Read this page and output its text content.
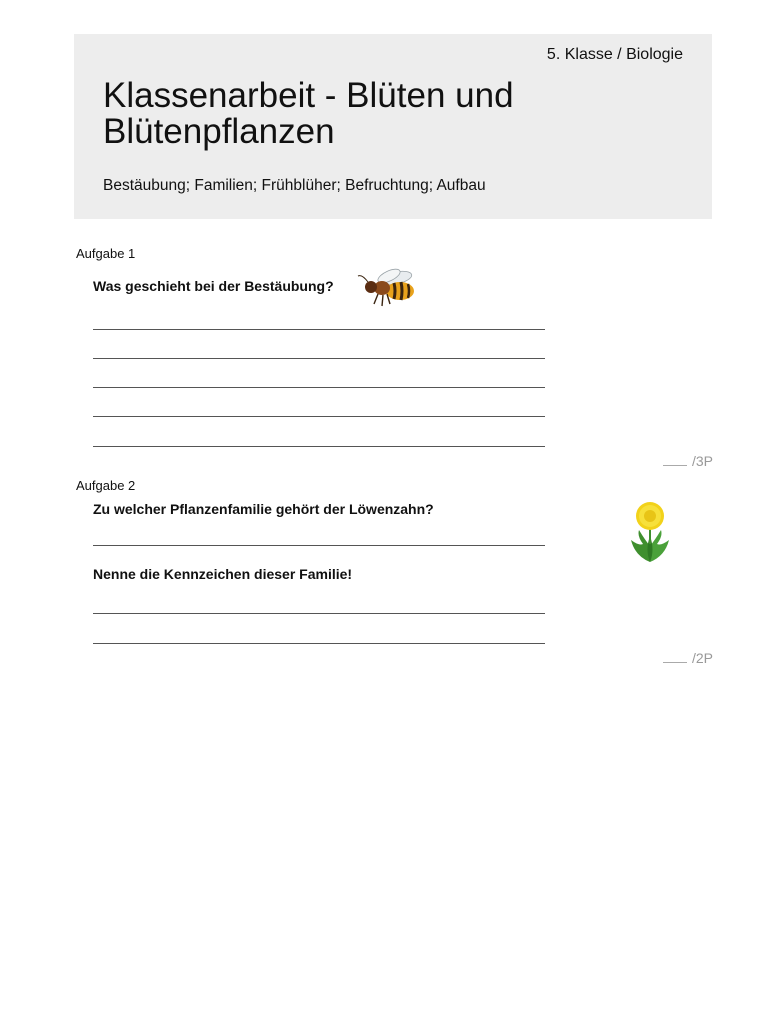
5. Klasse / Biologie
Klassenarbeit - Blüten und Blütenpflanzen
Bestäubung; Familien; Frühblüher; Befruchtung; Aufbau
Aufgabe 1
Was geschieht bei der Bestäubung?
/3P
Aufgabe 2
Zu welcher Pflanzenfamilie gehört der Löwenzahn?
Nenne die Kennzeichen dieser Familie!
/2P
